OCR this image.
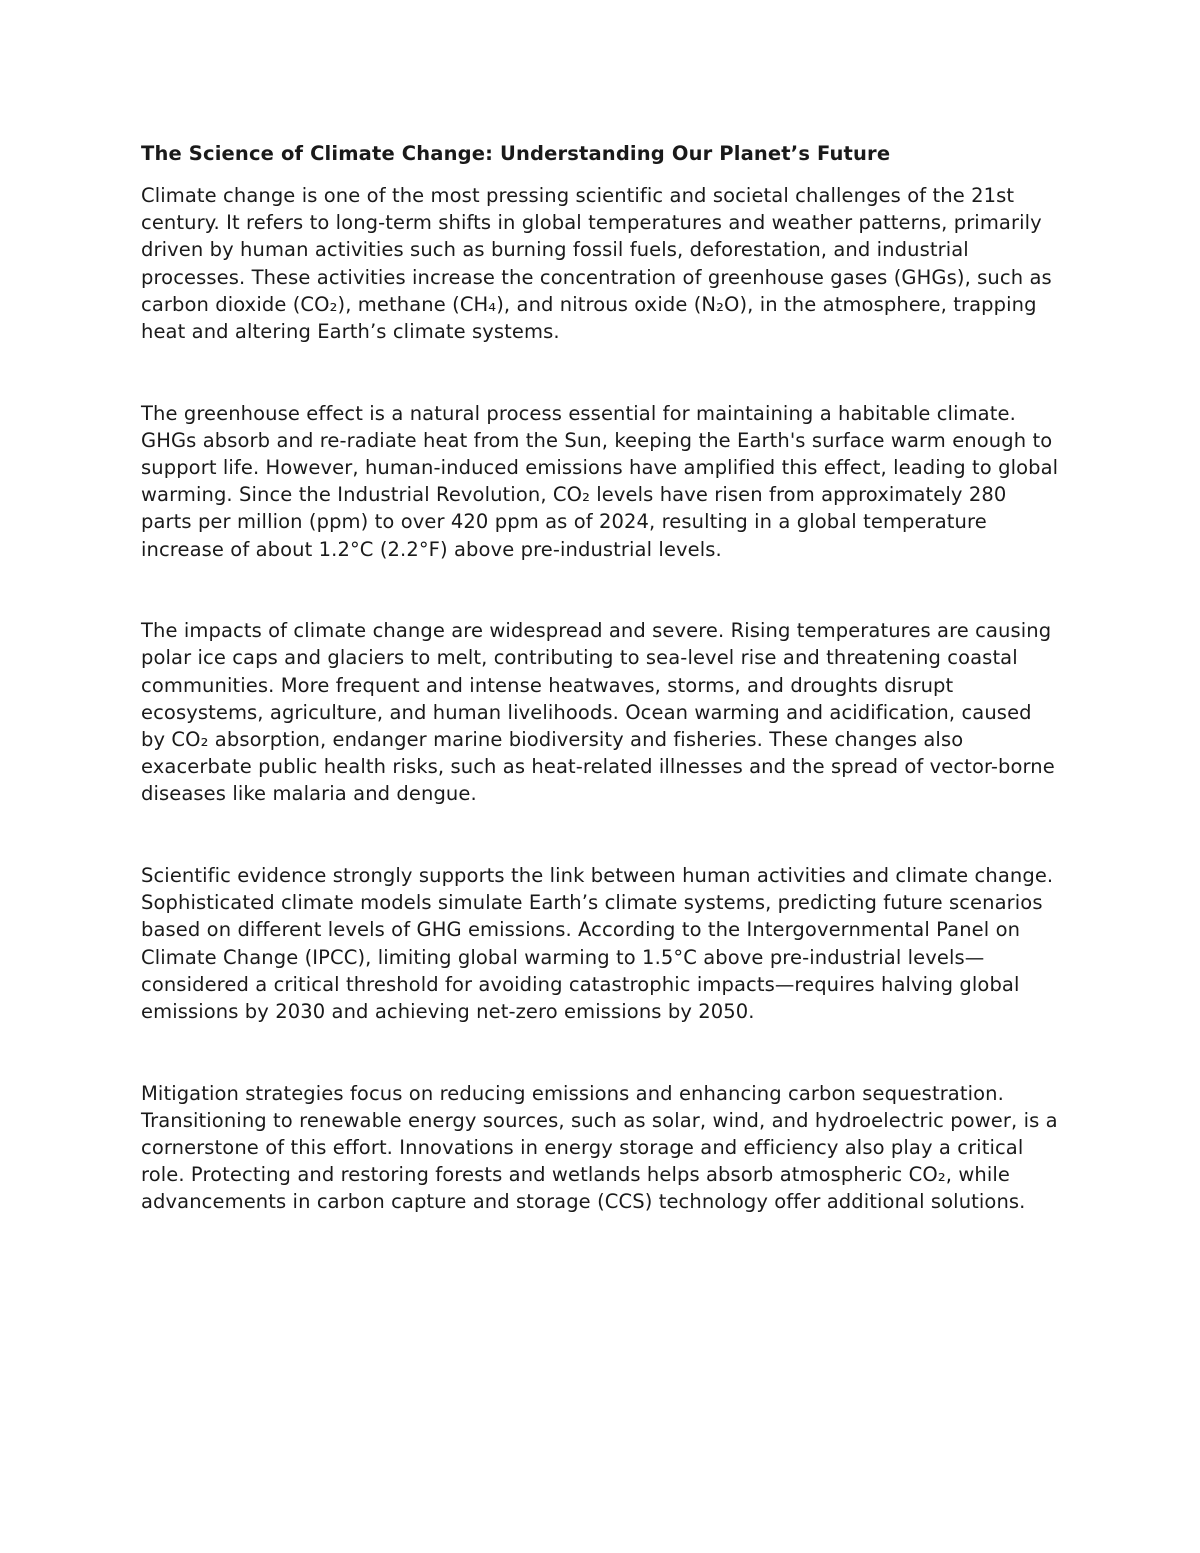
The Science of Climate Change: Understanding Our Planet’s Future

Climate change is one of the most pressing scientific and societal challenges of the 21st century. It refers to long-term shifts in global temperatures and weather patterns, primarily driven by human activities such as burning fossil fuels, deforestation, and industrial processes. These activities increase the concentration of greenhouse gases (GHGs), such as carbon dioxide (CO₂), methane (CH₄), and nitrous oxide (N₂O), in the atmosphere, trapping heat and altering Earth’s climate systems.

The greenhouse effect is a natural process essential for maintaining a habitable climate. GHGs absorb and re-radiate heat from the Sun, keeping the Earth's surface warm enough to support life. However, human-induced emissions have amplified this effect, leading to global warming. Since the Industrial Revolution, CO₂ levels have risen from approximately 280 parts per million (ppm) to over 420 ppm as of 2024, resulting in a global temperature increase of about 1.2°C (2.2°F) above pre-industrial levels.

The impacts of climate change are widespread and severe. Rising temperatures are causing polar ice caps and glaciers to melt, contributing to sea-level rise and threatening coastal communities. More frequent and intense heatwaves, storms, and droughts disrupt ecosystems, agriculture, and human livelihoods. Ocean warming and acidification, caused by CO₂ absorption, endanger marine biodiversity and fisheries. These changes also exacerbate public health risks, such as heat-related illnesses and the spread of vector-borne diseases like malaria and dengue.

Scientific evidence strongly supports the link between human activities and climate change. Sophisticated climate models simulate Earth’s climate systems, predicting future scenarios based on different levels of GHG emissions. According to the Intergovernmental Panel on Climate Change (IPCC), limiting global warming to 1.5°C above pre-industrial levels—considered a critical threshold for avoiding catastrophic impacts—requires halving global emissions by 2030 and achieving net-zero emissions by 2050.

Mitigation strategies focus on reducing emissions and enhancing carbon sequestration. Transitioning to renewable energy sources, such as solar, wind, and hydroelectric power, is a cornerstone of this effort. Innovations in energy storage and efficiency also play a critical role. Protecting and restoring forests and wetlands helps absorb atmospheric CO₂, while advancements in carbon capture and storage (CCS) technology offer additional solutions.
